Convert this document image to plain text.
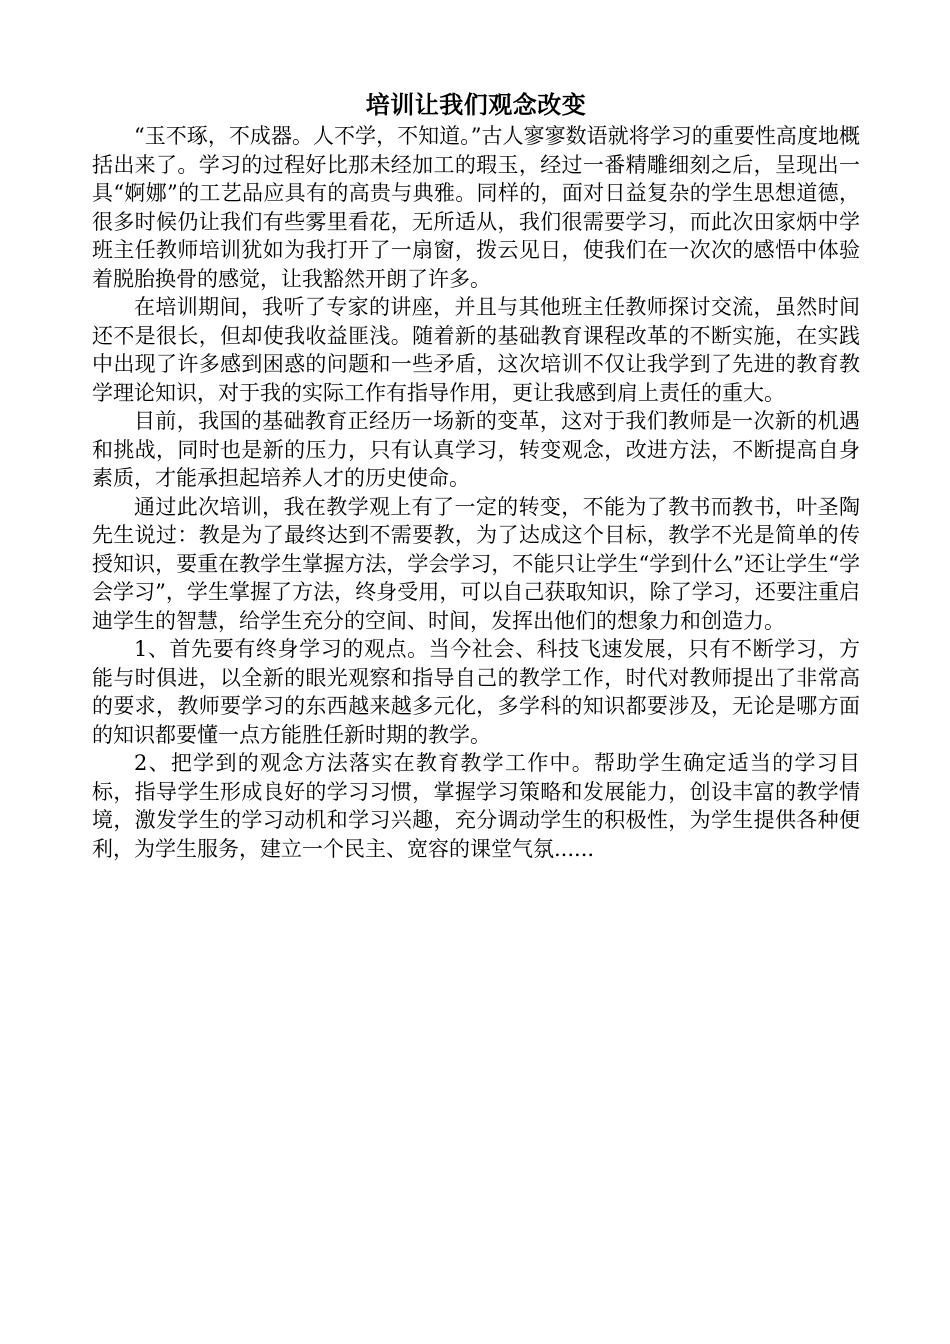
培训让我们观念改变

“玉不琢，不成器。人不学，不知道。”古人寥寥数语就将学习的重要性高度地概括出来了。学习的过程好比那未经加工的瑕玉，经过一番精雕细刻之后，呈现出一具“婀娜”的工艺品应具有的高贵与典雅。同样的，面对日益复杂的学生思想道德，很多时候仍让我们有些雾里看花，无所适从，我们很需要学习，而此次田家炳中学班主任教师培训犹如为我打开了一扇窗，拨云见日，使我们在一次次的感悟中体验着脱胎换骨的感觉，让我豁然开朗了许多。

在培训期间，我听了专家的讲座，并且与其他班主任教师探讨交流，虽然时间还不是很长，但却使我收益匪浅。随着新的基础教育课程改革的不断实施，在实践中出现了许多感到困惑的问题和一些矛盾，这次培训不仅让我学到了先进的教育教学理论知识，对于我的实际工作有指导作用，更让我感到肩上责任的重大。

目前，我国的基础教育正经历一场新的变革，这对于我们教师是一次新的机遇和挑战，同时也是新的压力，只有认真学习，转变观念，改进方法，不断提高自身素质，才能承担起培养人才的历史使命。

通过此次培训，我在教学观上有了一定的转变，不能为了教书而教书，叶圣陶先生说过：教是为了最终达到不需要教，为了达成这个目标，教学不光是简单的传授知识，要重在教学生掌握方法，学会学习，不能只让学生“学到什么”还让学生“学会学习”，学生掌握了方法，终身受用，可以自己获取知识，除了学习，还要注重启迪学生的智慧，给学生充分的空间、时间，发挥出他们的想象力和创造力。

1、首先要有终身学习的观点。当今社会、科技飞速发展，只有不断学习，方能与时俱进，以全新的眼光观察和指导自己的教学工作，时代对教师提出了非常高的要求，教师要学习的东西越来越多元化，多学科的知识都要涉及，无论是哪方面的知识都要懂一点方能胜任新时期的教学。

2、把学到的观念方法落实在教育教学工作中。帮助学生确定适当的学习目标，指导学生形成良好的学习习惯，掌握学习策略和发展能力，创设丰富的教学情境，激发学生的学习动机和学习兴趣，充分调动学生的积极性，为学生提供各种便利，为学生服务，建立一个民主、宽容的课堂气氛......
